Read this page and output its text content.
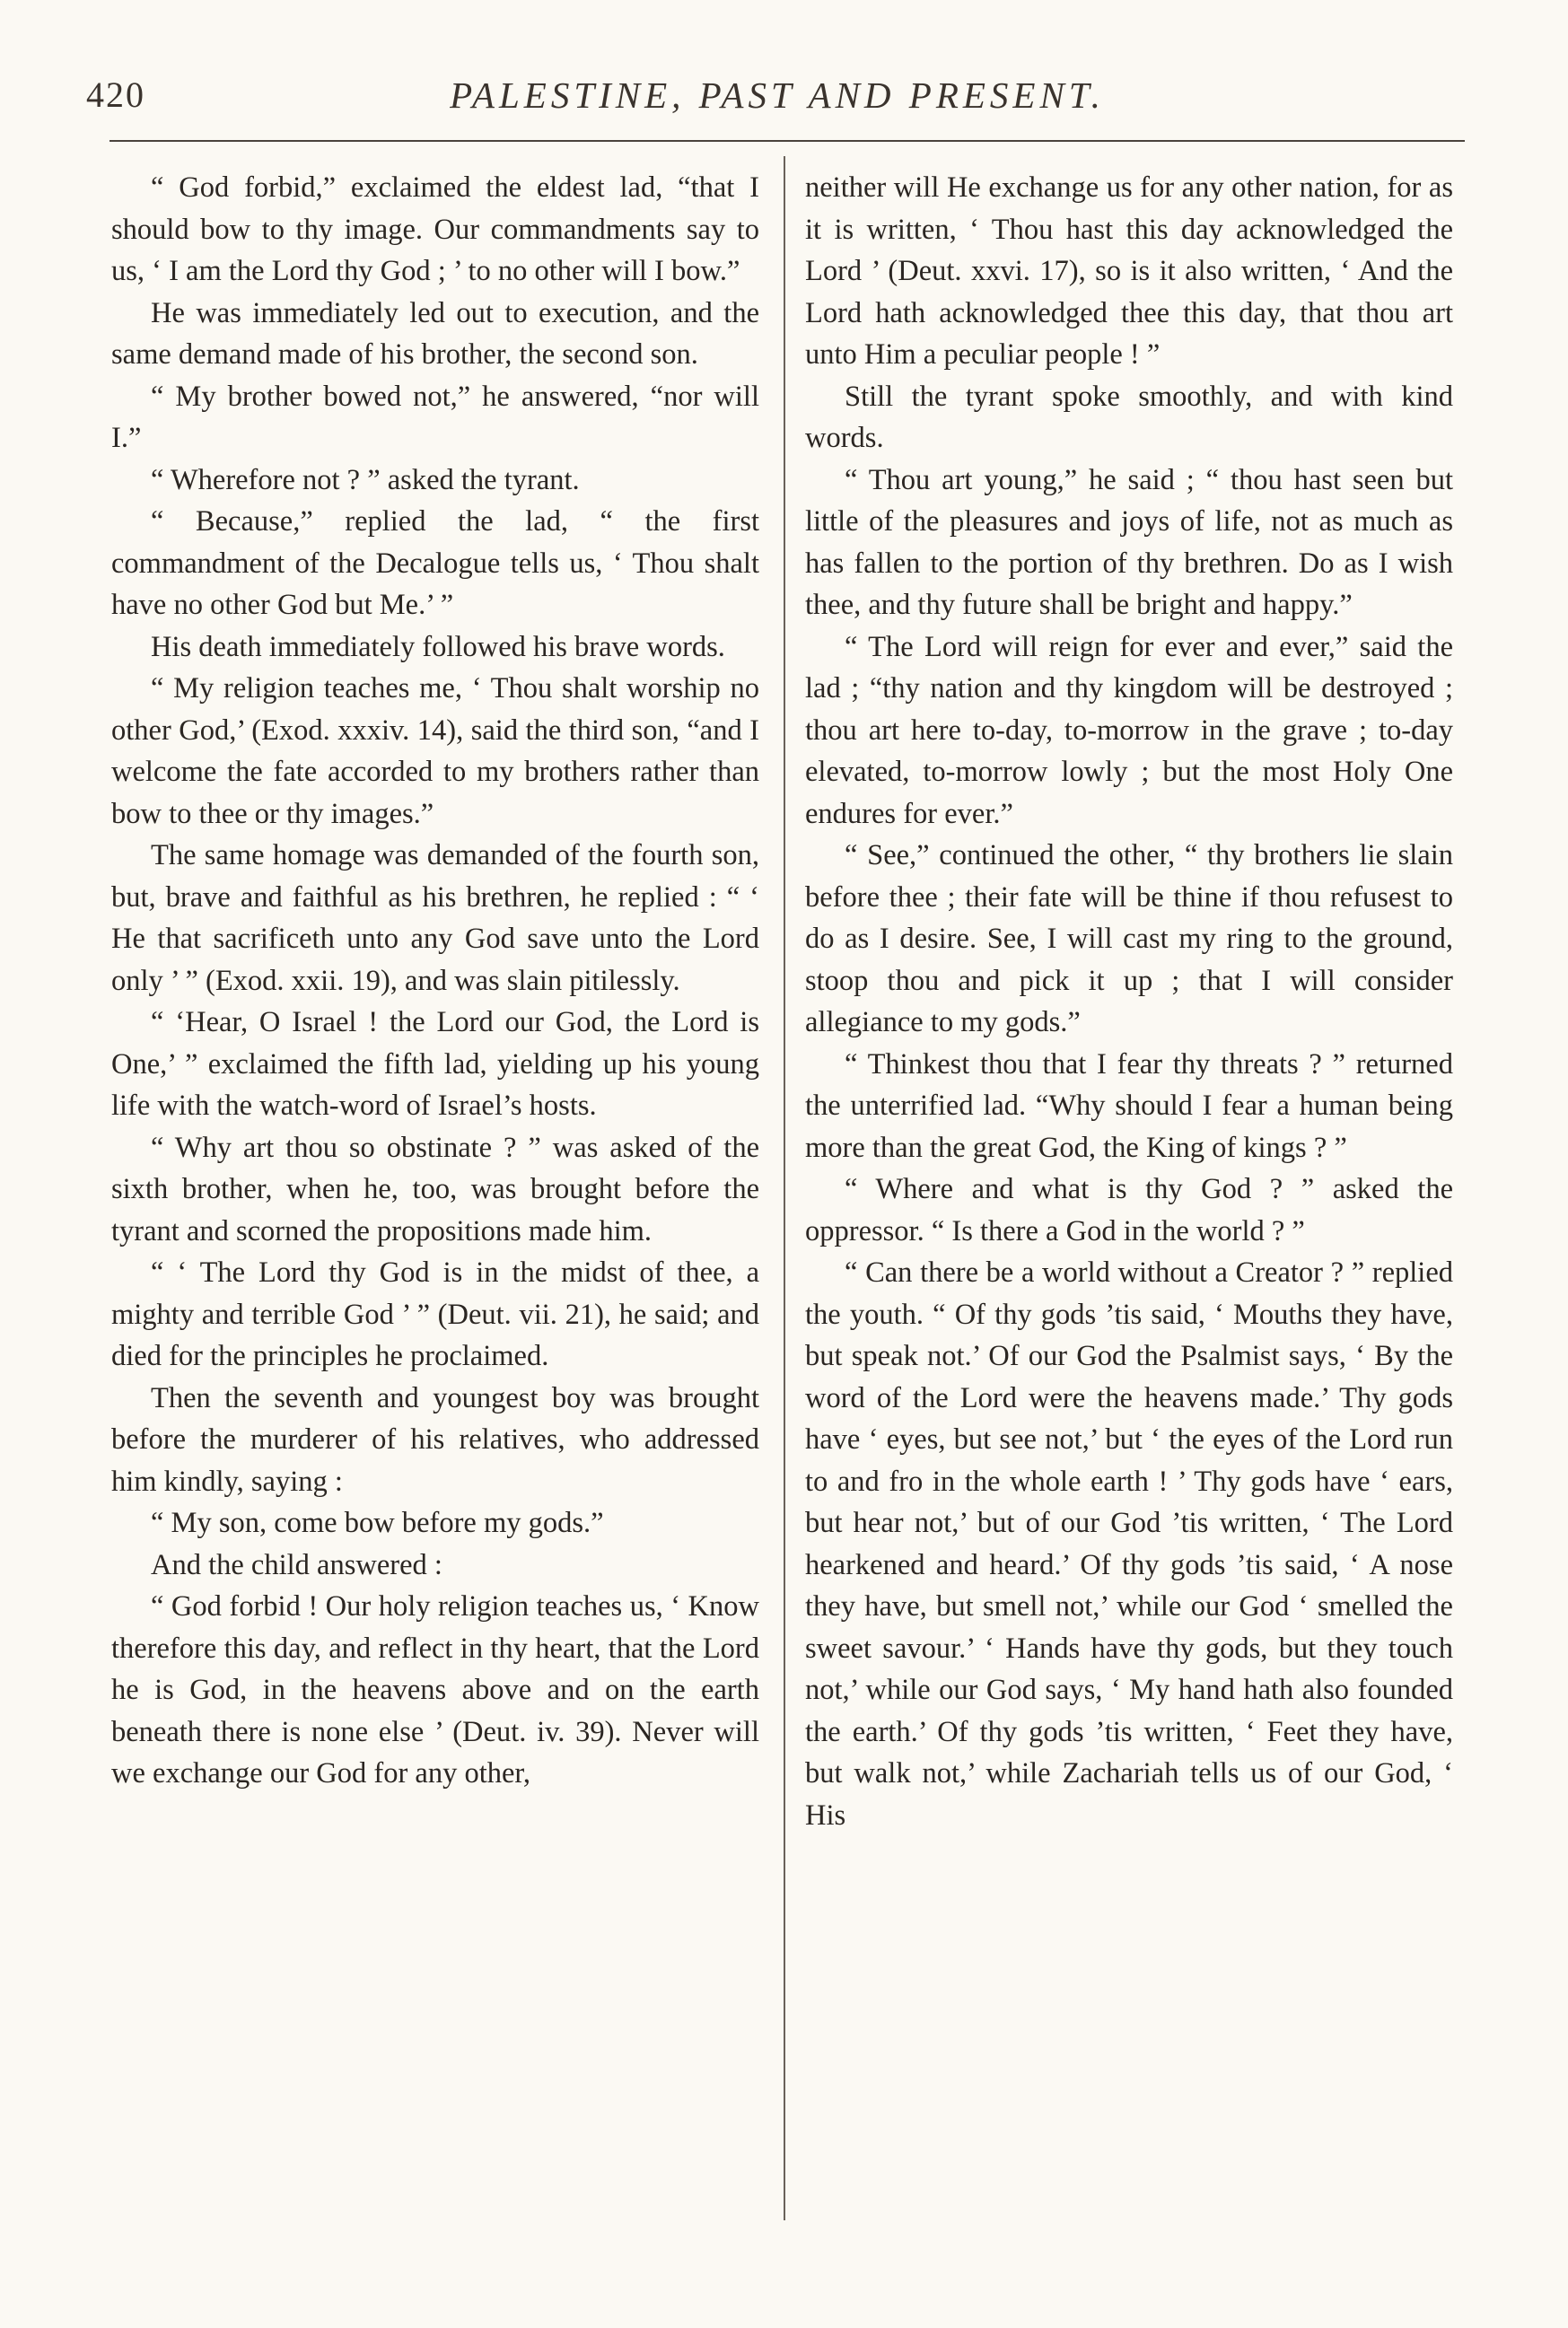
420	PALESTINE, PAST AND PRESENT.

“ God forbid,” exclaimed the eldest lad, “that I should bow to thy image. Our commandments say to us, ‘ I am the Lord thy God ; ’ to no other will I bow.”

He was immediately led out to execution, and the same demand made of his brother, the second son.

“ My brother bowed not,” he answered, “nor will I.”

“ Wherefore not ? ” asked the tyrant.

“ Because,” replied the lad, “ the first commandment of the Decalogue tells us, ‘ Thou shalt have no other God but Me.’ ”

His death immediately followed his brave words.

“ My religion teaches me, ‘ Thou shalt worship no other God,’ (Exod. xxxiv. 14), said the third son, “and I welcome the fate accorded to my brothers rather than bow to thee or thy images.”

The same homage was demanded of the fourth son, but, brave and faithful as his brethren, he replied : “ ‘ He that sacrificeth unto any God save unto the Lord only ’ ” (Exod. xxii. 19), and was slain pitilessly.

“ ‘Hear, O Israel ! the Lord our God, the Lord is One,’ ” exclaimed the fifth lad, yielding up his young life with the watch-word of Israel’s hosts.

“ Why art thou so obstinate ? ” was asked of the sixth brother, when he, too, was brought before the tyrant and scorned the propositions made him.

“ ‘ The Lord thy God is in the midst of thee, a mighty and terrible God ’ ” (Deut. vii. 21), he said; and died for the principles he proclaimed.

Then the seventh and youngest boy was brought before the murderer of his relatives, who addressed him kindly, saying :

“ My son, come bow before my gods.”

And the child answered :

“ God forbid ! Our holy religion teaches us, ‘ Know therefore this day, and reflect in thy heart, that the Lord he is God, in the heavens above and on the earth beneath there is none else ’ (Deut. iv. 39). Never will we exchange our God for any other,

neither will He exchange us for any other nation, for as it is written, ‘ Thou hast this day acknowledged the Lord ’ (Deut. xxvi. 17), so is it also written, ‘ And the Lord hath acknowledged thee this day, that thou art unto Him a peculiar people ! ”

Still the tyrant spoke smoothly, and with kind words.

“ Thou art young,” he said ; “ thou hast seen but little of the pleasures and joys of life, not as much as has fallen to the portion of thy brethren. Do as I wish thee, and thy future shall be bright and happy.”

“ The Lord will reign for ever and ever,” said the lad ; “thy nation and thy kingdom will be destroyed ; thou art here to-day, to-morrow in the grave ; to-day elevated, to-morrow lowly ; but the most Holy One endures for ever.”

“ See,” continued the other, “ thy brothers lie slain before thee ; their fate will be thine if thou refusest to do as I desire. See, I will cast my ring to the ground, stoop thou and pick it up ; that I will consider allegiance to my gods.”

“ Thinkest thou that I fear thy threats ? ” returned the unterrified lad. “Why should I fear a human being more than the great God, the King of kings ? ”

“ Where and what is thy God ? ” asked the oppressor. “ Is there a God in the world ? ”

“ Can there be a world without a Creator ? ” replied the youth. “ Of thy gods ’tis said, ‘ Mouths they have, but speak not.’ Of our God the Psalmist says, ‘ By the word of the Lord were the heavens made.’ Thy gods have ‘ eyes, but see not,’ but ‘ the eyes of the Lord run to and fro in the whole earth ! ’ Thy gods have ‘ ears, but hear not,’ but of our God ’tis written, ‘ The Lord hearkened and heard.’ Of thy gods ’tis said, ‘ A nose they have, but smell not,’ while our God ‘ smelled the sweet savour.’ ‘ Hands have thy gods, but they touch not,’ while our God says, ‘ My hand hath also founded the earth.’ Of thy gods ’tis written, ‘ Feet they have, but walk not,’ while Zachariah tells us of our God, ‘ His
